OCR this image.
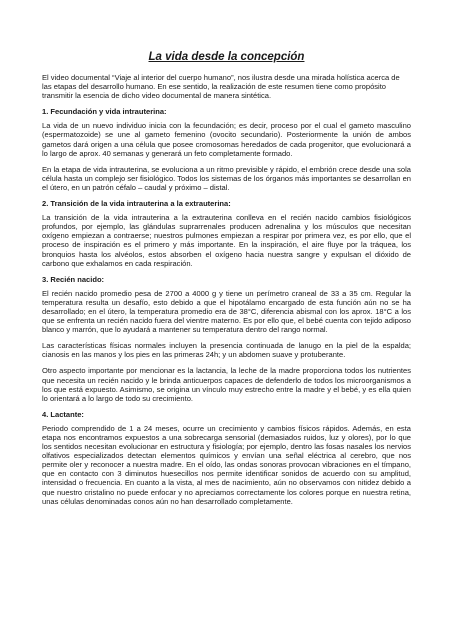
La vida desde la concepción

El video documental “Viaje al interior del cuerpo humano”, nos ilustra desde una mirada holística acerca de las etapas del desarrollo humano. En ese sentido, la realización de este resumen tiene como propósito transmitir la esencia de dicho video documental de manera sintética.

1. Fecundación y vida intrauterina:

La vida de un nuevo individuo inicia con la fecundación; es decir, proceso por el cual el gameto masculino (espermatozoide) se une al gameto femenino (ovocito secundario). Posteriormente la unión de ambos gametos dará origen a una célula que posee cromosomas heredados de cada progenitor, que evolucionará a lo largo de aprox. 40 semanas y generará un feto completamente formado.

En la etapa de vida intrauterina, se evoluciona a un ritmo previsible y rápido, el embrión crece desde una sola célula hasta un complejo ser fisiológico. Todos los sistemas de los órganos más importantes se desarrollan en el útero, en un patrón céfalo – caudal y próximo – distal.

2. Transición de la vida intrauterina a la extrauterina:

La transición de la vida intrauterina a la extrauterina conlleva en el recién nacido cambios fisiológicos profundos, por ejemplo, las glándulas suprarrenales producen adrenalina y los músculos que necesitan oxígeno empiezan a contraerse; nuestros pulmones empiezan a respirar por primera vez, es por ello, que el proceso de inspiración es el primero y más importante. En la inspiración, el aire fluye por la tráquea, los bronquios hasta los alvéolos, estos absorben el oxígeno hacia nuestra sangre y expulsan el dióxido de carbono que exhalamos en cada respiración.

3. Recién nacido:

El recién nacido promedio pesa de 2700 a 4000 g y tiene un perímetro craneal de 33 a 35 cm. Regular la temperatura resulta un desafío, esto debido a que el hipotálamo encargado de esta función aún no se ha desarrollado; en el útero, la temperatura promedio era de 38°C, diferencia abismal con los aprox. 18°C a los que se enfrenta un recién nacido fuera del vientre materno. Es por ello que, el bebé cuenta con tejido adiposo blanco y marrón, que lo ayudará a mantener su temperatura dentro del rango normal.

Las características físicas normales incluyen la presencia continuada de lanugo en la piel de la espalda; cianosis en las manos y los pies en las primeras 24h; y un abdomen suave y protuberante.

Otro aspecto importante por mencionar es la lactancia, la leche de la madre proporciona todos los nutrientes que necesita un recién nacido y le brinda anticuerpos capaces de defenderlo de todos los microorganismos a los que está expuesto. Asimismo, se origina un vínculo muy estrecho entre la madre y el bebé, y es ella quien lo orientará a lo largo de todo su crecimiento.

4. Lactante:

Periodo comprendido de 1 a 24 meses, ocurre un crecimiento y cambios físicos rápidos. Además, en esta etapa nos encontramos expuestos a una sobrecarga sensorial (demasiados ruidos, luz y olores), por lo que los sentidos necesitan evolucionar en estructura y fisiología; por ejemplo, dentro las fosas nasales los nervios olfativos especializados detectan elementos químicos y envían una señal eléctrica al cerebro, que nos permite oler y reconocer a nuestra madre. En el oído, las ondas sonoras provocan vibraciones en el tímpano, que en contacto con 3 diminutos huesecillos nos permite identificar sonidos de acuerdo con su amplitud, intensidad o frecuencia. En cuanto a la vista, al mes de nacimiento, aún no observamos con nitidez debido a que nuestro cristalino no puede enfocar y no apreciamos correctamente los colores porque en nuestra retina, unas células denominadas conos aún no han desarrollado completamente.
